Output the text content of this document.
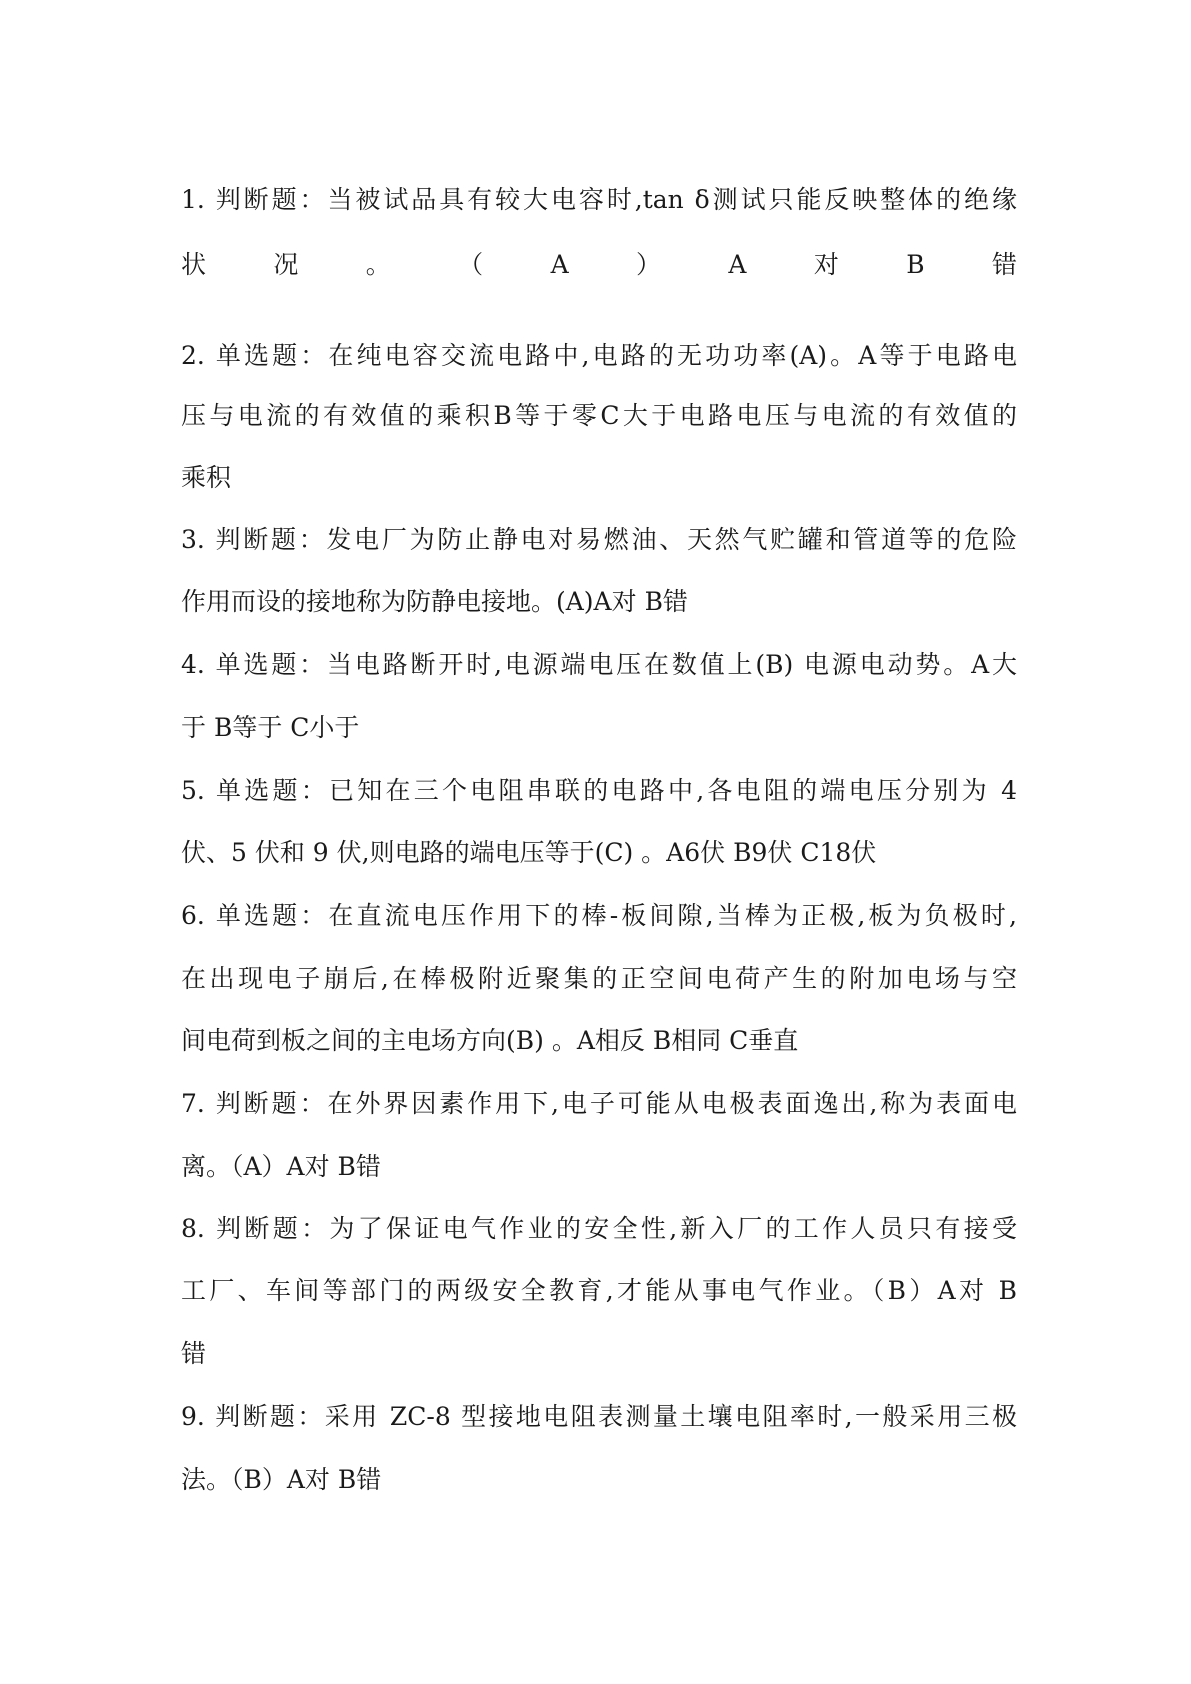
1. 判断题：当被试品具有较大电容时,tan δ测试只能反映整体的绝缘
状	况	。	（	A	）	A	对	B	错
2. 单选题：在纯电容交流电路中,电路的无功功率(A)。A等于电路电
压与电流的有效值的乘积B等于零C大于电路电压与电流的有效值的
乘积
3. 判断题：发电厂为防止静电对易燃油、天然气贮罐和管道等的危险
作用而设的接地称为防静电接地。(A)A对 B错
4. 单选题：当电路断开时,电源端电压在数值上(B) 电源电动势。A大
于 B等于 C小于
5. 单选题：已知在三个电阻串联的电路中,各电阻的端电压分别为 4
伏、5 伏和 9 伏,则电路的端电压等于(C) 。A6伏 B9伏 C18伏
6. 单选题：在直流电压作用下的棒-板间隙,当棒为正极,板为负极时,
在出现电子崩后,在棒极附近聚集的正空间电荷产生的附加电场与空
间电荷到板之间的主电场方向(B) 。A相反 B相同 C垂直
7. 判断题：在外界因素作用下,电子可能从电极表面逸出,称为表面电
离。（A）A对 B错
8. 判断题：为了保证电气作业的安全性,新入厂的工作人员只有接受
工厂、车间等部门的两级安全教育,才能从事电气作业。（B）A对 B
错
9. 判断题：采用 ZC-8 型接地电阻表测量土壤电阻率时,一般采用三极
法。（B）A对 B错
